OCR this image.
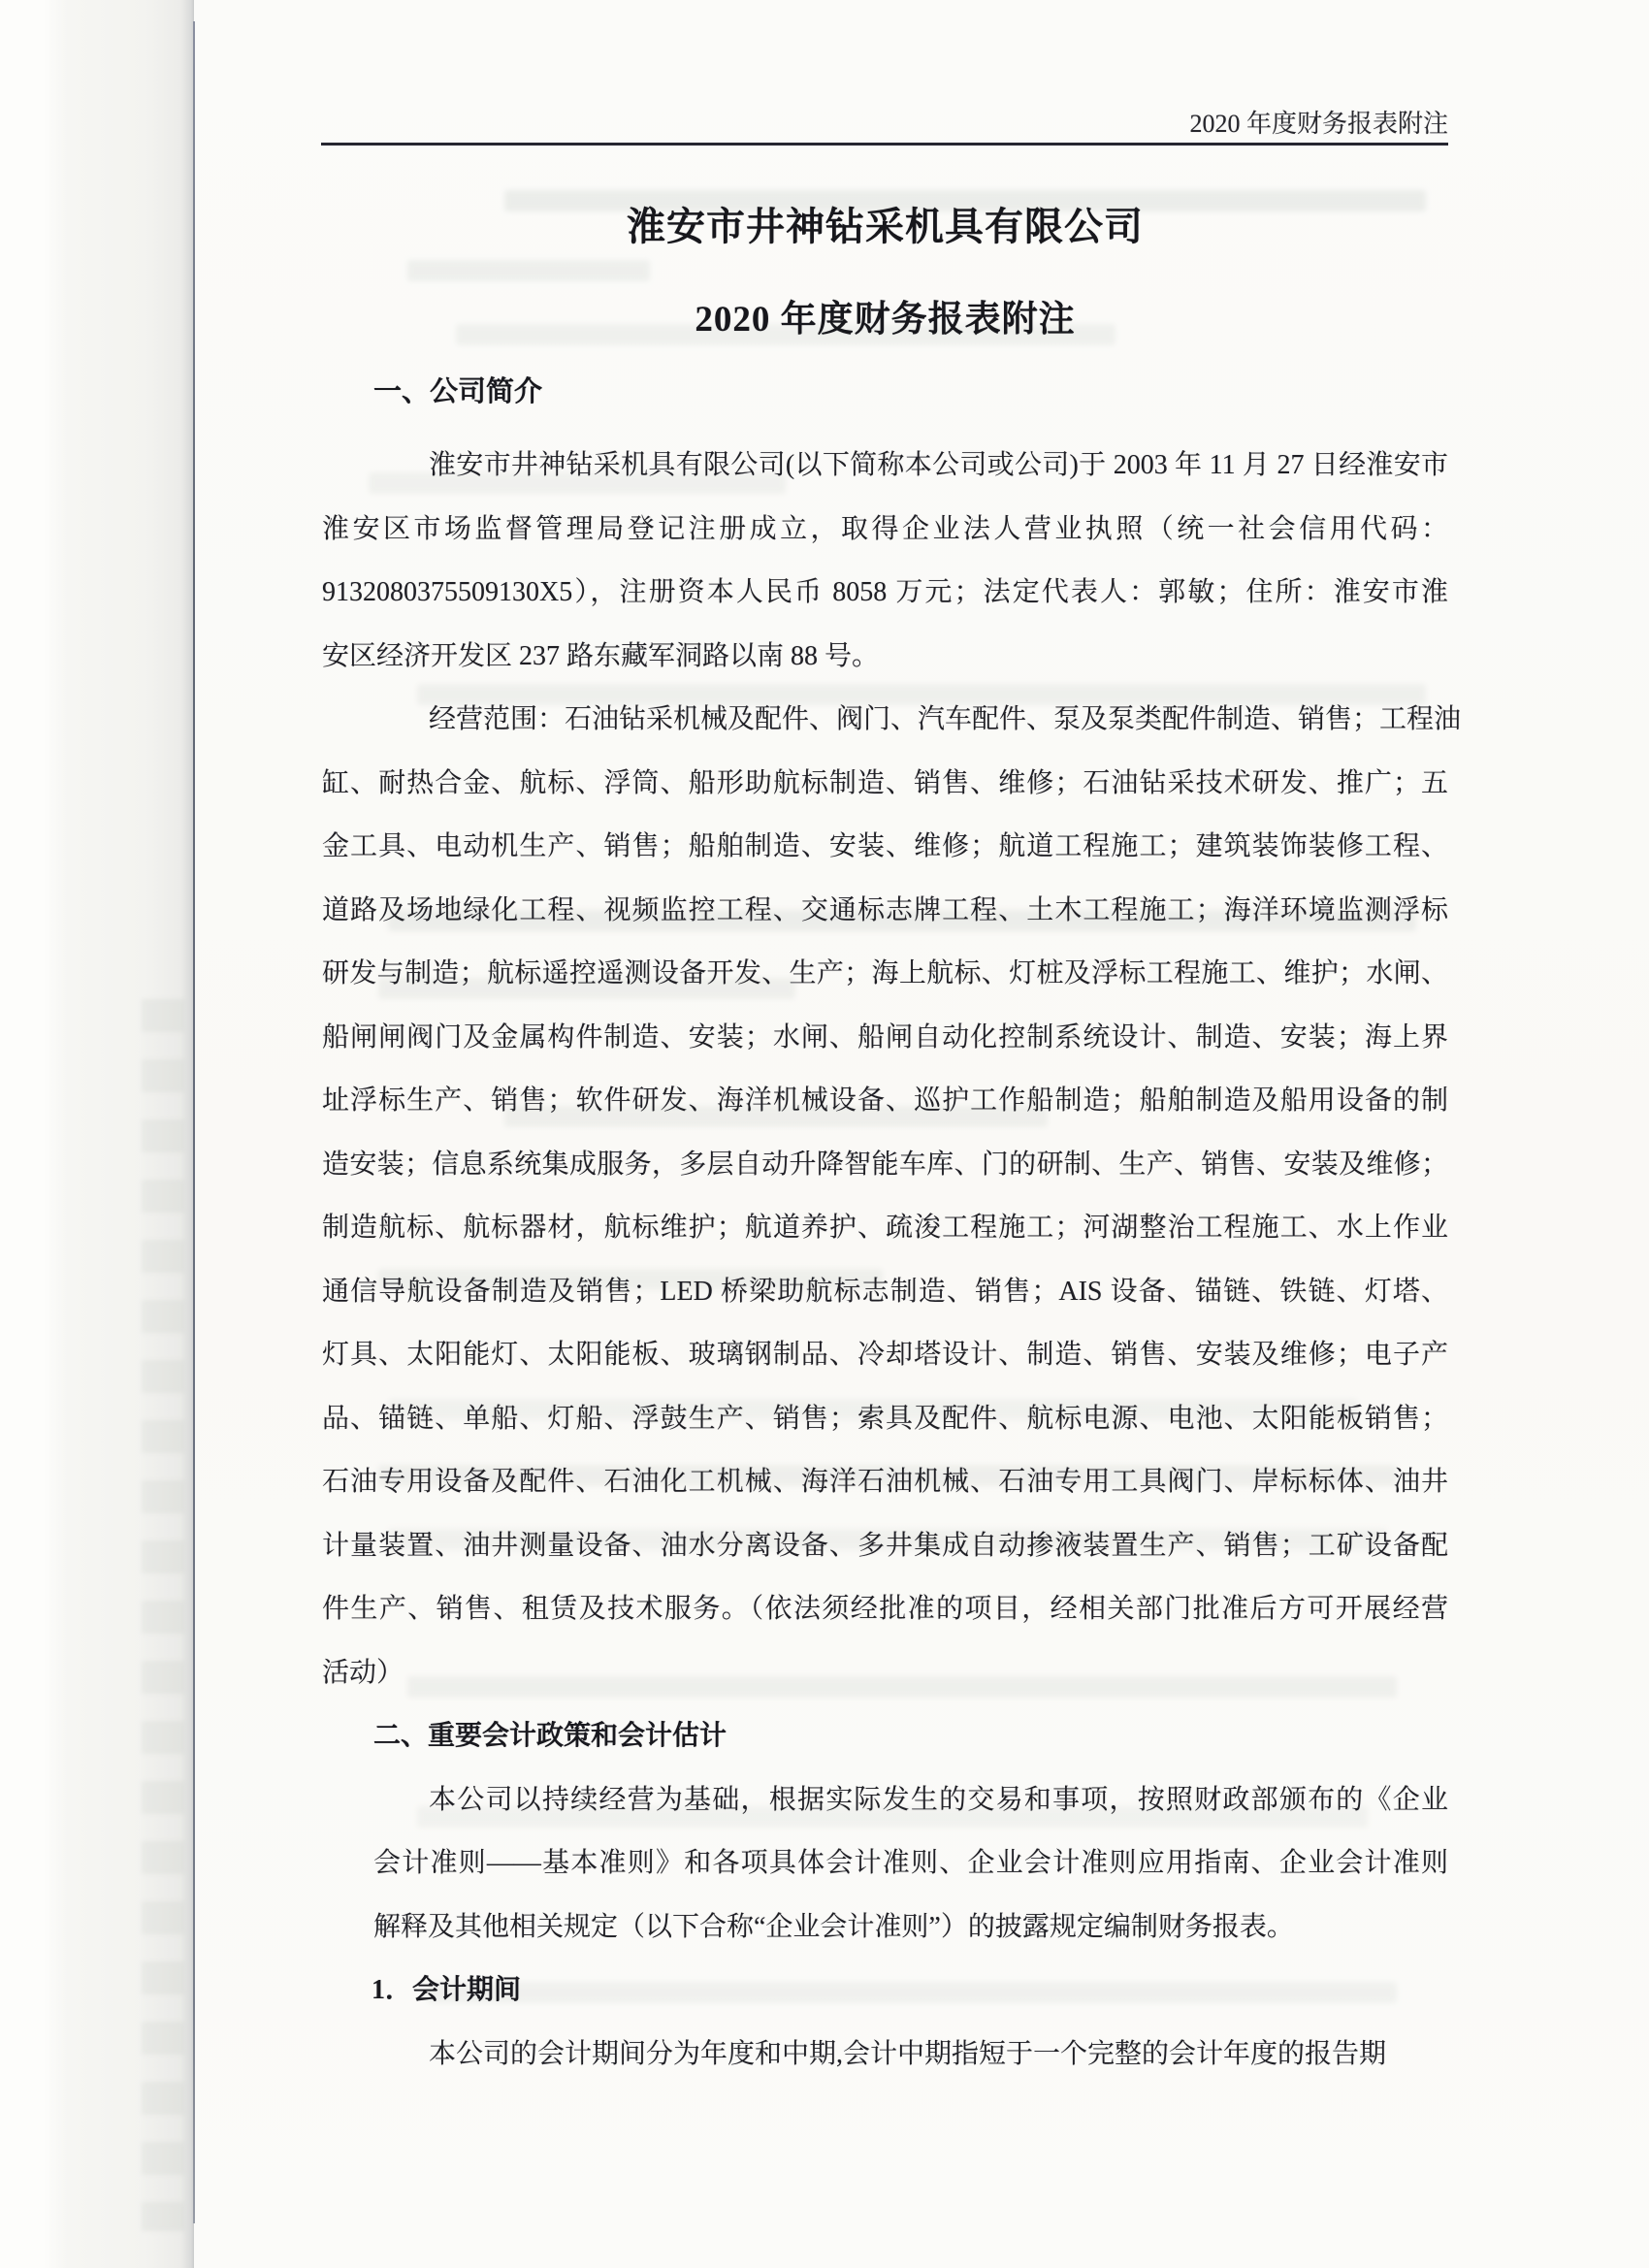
2020 年度财务报表附注
淮安市井神钻采机具有限公司
2020 年度财务报表附注
一、公司简介
淮安市井神钻采机具有限公司(以下简称本公司或公司)于 2003 年 11 月 27 日经淮安市
淮安区市场监督管理局登记注册成立，取得企业法人营业执照（统一社会信用代码：
9132080375509130X5），注册资本人民币 8058 万元；法定代表人：郭敏；住所：淮安市淮
安区经济开发区 237 路东藏军洞路以南 88 号。
经营范围：石油钻采机械及配件、阀门、汽车配件、泵及泵类配件制造、销售；工程油
缸、耐热合金、航标、浮筒、船形助航标制造、销售、维修；石油钻采技术研发、推广；五
金工具、电动机生产、销售；船舶制造、安装、维修；航道工程施工；建筑装饰装修工程、
道路及场地绿化工程、视频监控工程、交通标志牌工程、土木工程施工；海洋环境监测浮标
研发与制造；航标遥控遥测设备开发、生产；海上航标、灯桩及浮标工程施工、维护；水闸、
船闸闸阀门及金属构件制造、安装；水闸、船闸自动化控制系统设计、制造、安装；海上界
址浮标生产、销售；软件研发、海洋机械设备、巡护工作船制造；船舶制造及船用设备的制
造安装；信息系统集成服务，多层自动升降智能车库、门的研制、生产、销售、安装及维修；
制造航标、航标器材，航标维护；航道养护、疏浚工程施工；河湖整治工程施工、水上作业
通信导航设备制造及销售；LED 桥梁助航标志制造、销售；AIS 设备、锚链、铁链、灯塔、
灯具、太阳能灯、太阳能板、玻璃钢制品、冷却塔设计、制造、销售、安装及维修；电子产
品、锚链、单船、灯船、浮鼓生产、销售；索具及配件、航标电源、电池、太阳能板销售；
石油专用设备及配件、石油化工机械、海洋石油机械、石油专用工具阀门、岸标标体、油井
计量装置、油井测量设备、油水分离设备、多井集成自动掺液装置生产、销售；工矿设备配
件生产、销售、租赁及技术服务。（依法须经批准的项目，经相关部门批准后方可开展经营
活动）
二、重要会计政策和会计估计
本公司以持续经营为基础，根据实际发生的交易和事项，按照财政部颁布的《企业
会计准则——基本准则》和各项具体会计准则、企业会计准则应用指南、企业会计准则
解释及其他相关规定（以下合称“企业会计准则”）的披露规定编制财务报表。
1．会计期间
本公司的会计期间分为年度和中期,会计中期指短于一个完整的会计年度的报告期
